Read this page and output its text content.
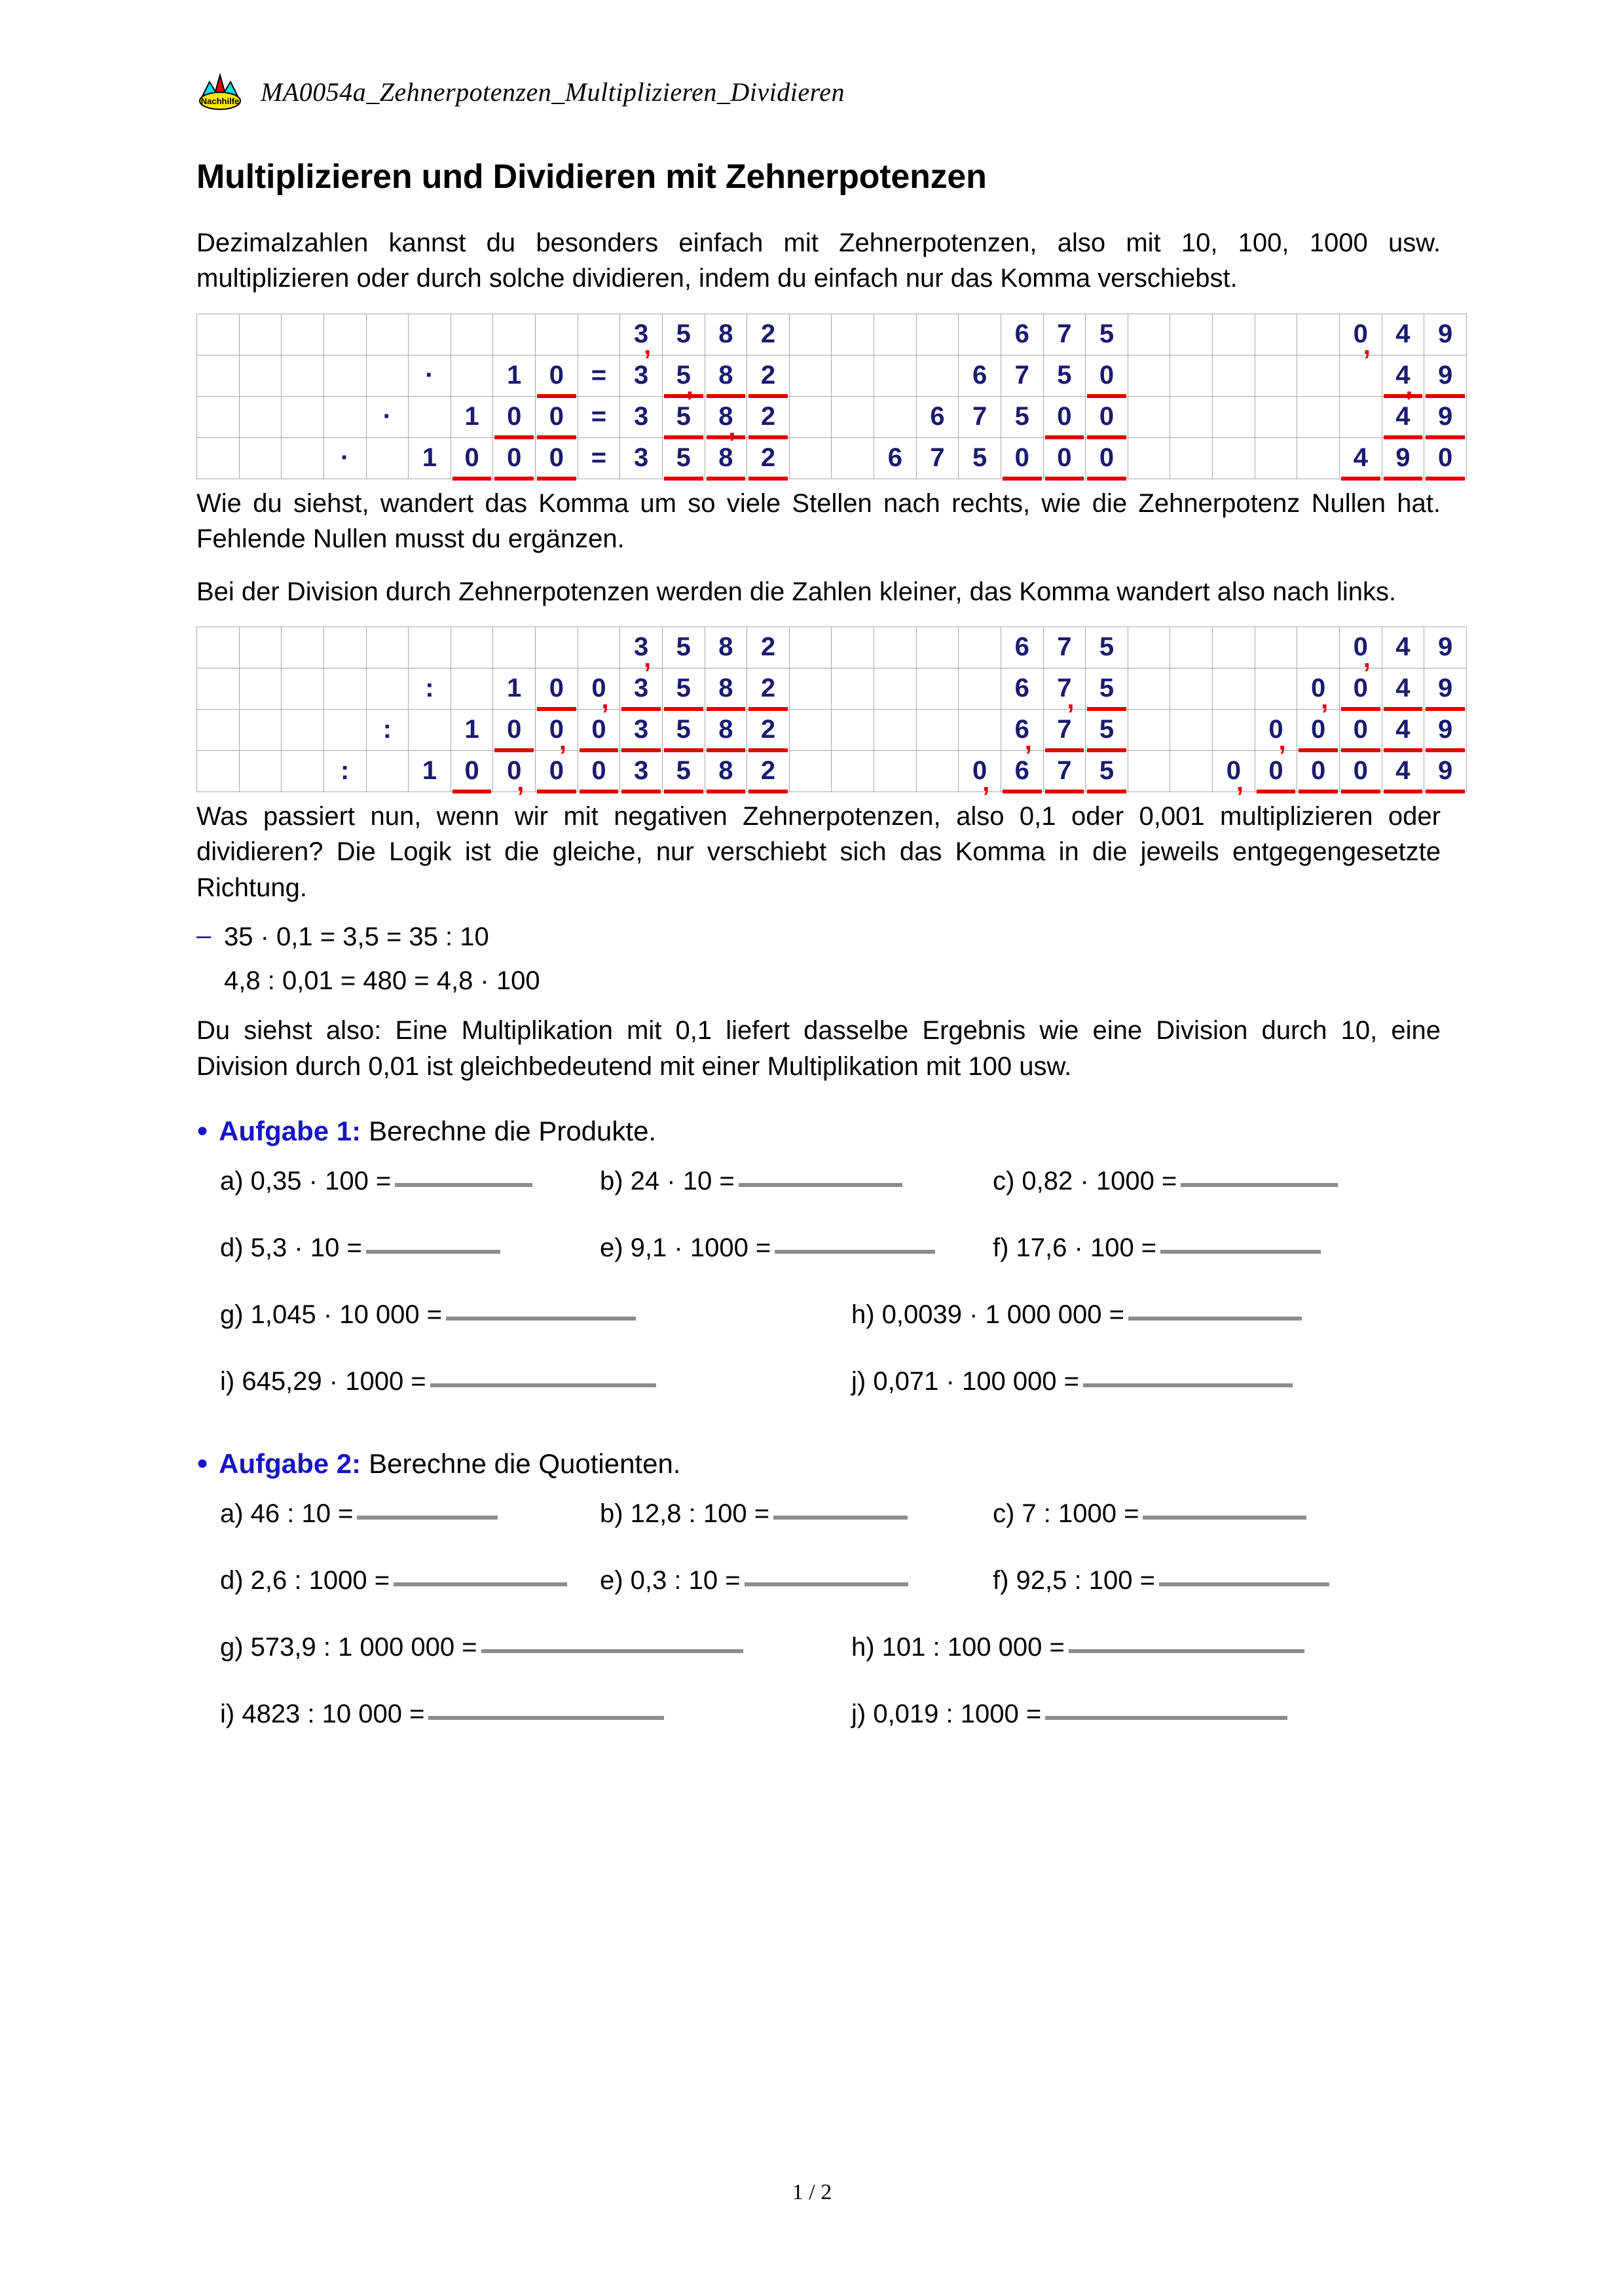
Nachhilfe MA0054a_Zehnerpotenzen_Multiplizieren_Dividieren
Multiplizieren und Dividieren mit Zehnerpotenzen

Dezimalzahlen kannst du besonders einfach mit Zehnerpotenzen, also mit 10, 100, 1000 usw. multiplizieren oder durch solche dividieren, indem du einfach nur das Komma verschiebst.

										3 ,	5	8	2						6	7	5						0 ,	4	9
					·		1	0	=	3	5 ,	8	2					6	7	5	0							4 ,	9
				·		1	0	0	=	3	5	8 ,	2				6	7	5	0	0							4	9
			·		1	0	0	0	=	3	5	8	2			6	7	5	0	0	0						4	9	0

Wie du siehst, wandert das Komma um so viele Stellen nach rechts, wie die Zehnerpotenz Nullen hat. Fehlende Nullen musst du ergänzen.

Bei der Division durch Zehnerpotenzen werden die Zahlen kleiner, das Komma wandert also nach links.

										3 ,	5	8	2						6	7	5						0 ,	4	9
					:		1	0	0 ,	3	5	8	2						6	7 ,	5					0 ,	0	4	9
				:		1	0	0 ,	0	3	5	8	2						6 ,	7	5				0 ,	0	0	4	9
			:		1	0	0 ,	0	0	3	5	8	2					0 ,	6	7	5			0 ,	0	0	0	4	9

Was passiert nun, wenn wir mit negativen Zehnerpotenzen, also 0,1 oder 0,001 multiplizieren oder dividieren? Die Logik ist die gleiche, nur verschiebt sich das Komma in die jeweils entgegengesetzte Richtung.

– 35 · 0,1 = 3,5 = 35 : 10
4,8 : 0,01 = 480 = 4,8 · 100

Du siehst also: Eine Multiplikation mit 0,1 liefert dasselbe Ergebnis wie eine Division durch 10, eine Division durch 0,01 ist gleichbedeutend mit einer Multiplikation mit 100 usw.

● Aufgabe 1: Berechne die Produkte.
a) 0,35 · 100 =	b) 24 · 10 =	c) 0,82 · 1000 =
d) 5,3 · 10 =	e) 9,1 · 1000 =	f) 17,6 · 100 =
g) 1,045 · 10 000 =	h) 0,0039 · 1 000 000 =
i) 645,29 · 1000 =	j) 0,071 · 100 000 =
● Aufgabe 2: Berechne die Quotienten.
a) 46 : 10 =	b) 12,8 : 100 =	c) 7 : 1000 =
d) 2,6 : 1000 =	e) 0,3 : 10 =	f) 92,5 : 100 =
g) 573,9 : 1 000 000 =	h) 101 : 100 000 =
i) 4823 : 10 000 =	j) 0,019 : 1000 =
1 / 2
